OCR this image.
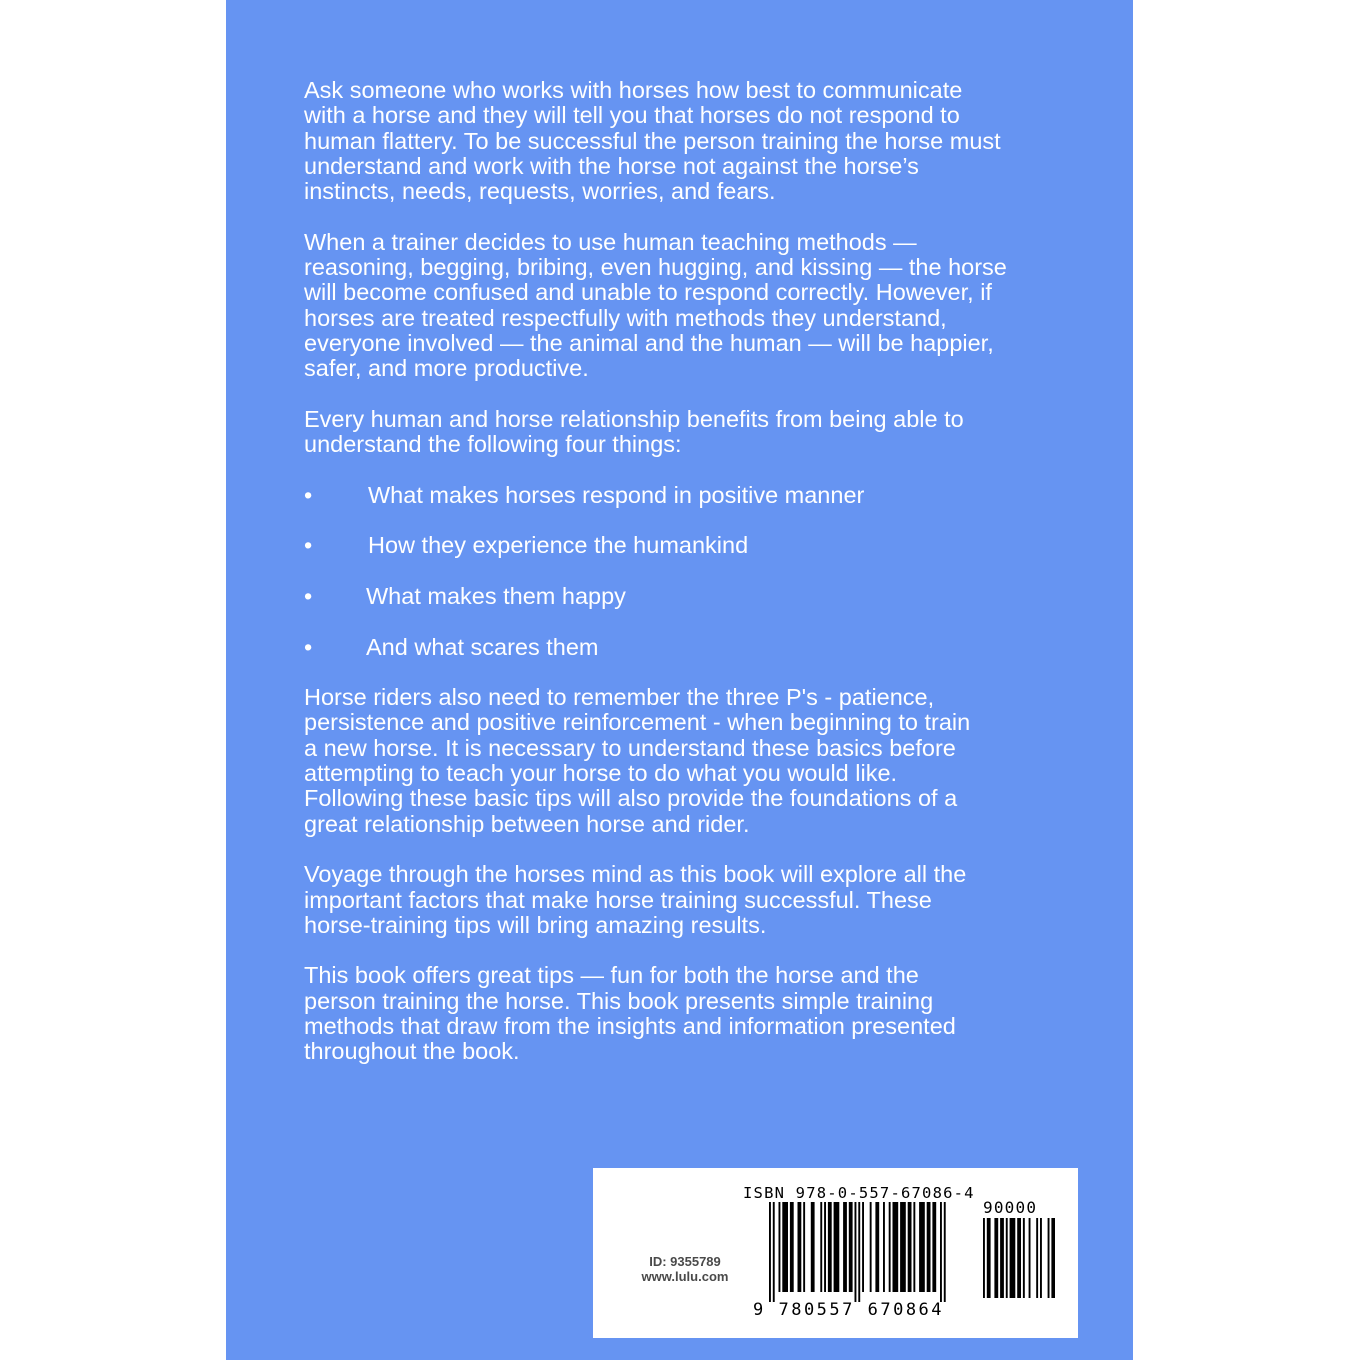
Ask someone who works with horses how best to communicate
with a horse and they will tell you that horses do not respond to
human flattery. To be successful the person training the horse must
understand and work with the horse not against the horse’s
instincts, needs, requests, worries, and fears.

When a trainer decides to use human teaching methods —
reasoning, begging, bribing, even hugging, and kissing — the horse
will become confused and unable to respond correctly. However, if
horses are treated respectfully with methods they understand,
everyone involved — the animal and the human — will be happier,
safer, and more productive.

Every human and horse relationship benefits from being able to
understand the following four things:

• What makes horses respond in positive manner
• How they experience the humankind
• What makes them happy
• And what scares them

Horse riders also need to remember the three P's - patience,
persistence and positive reinforcement - when beginning to train
a new horse. It is necessary to understand these basics before
attempting to teach your horse to do what you would like.
Following these basic tips will also provide the foundations of a
great relationship between horse and rider.

Voyage through the horses mind as this book will explore all the
important factors that make horse training successful. These
horse-training tips will bring amazing results.

This book offers great tips — fun for both the horse and the
person training the horse. This book presents simple training
methods that draw from the insights and information presented
throughout the book.

ID: 9355789
www.lulu.com
ISBN 978-0-557-67086-4
90000
9 780557 670864
